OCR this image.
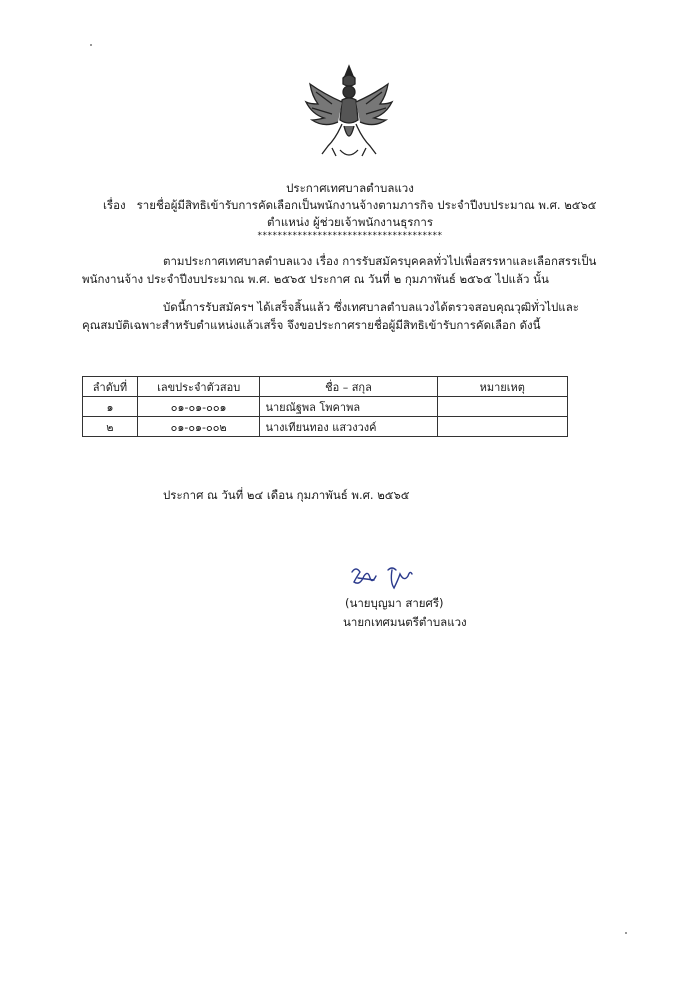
ประกาศเทศบาลตำบลแวง
เรื่อง รายชื่อผู้มีสิทธิเข้ารับการคัดเลือกเป็นพนักงานจ้างตามภารกิจ ประจำปีงบประมาณ พ.ศ. ๒๕๖๕
ตำแหน่ง ผู้ช่วยเจ้าพนักงานธุรการ
*************************************
ตามประกาศเทศบาลตำบลแวง เรื่อง การรับสมัครบุคคลทั่วไปเพื่อสรรหาและเลือกสรรเป็น
พนักงานจ้าง ประจำปีงบประมาณ พ.ศ. ๒๕๖๕ ประกาศ ณ วันที่ ๒ กุมภาพันธ์ ๒๕๖๕ ไปแล้ว นั้น
บัดนี้การรับสมัครฯ ได้เสร็จสิ้นแล้ว ซึ่งเทศบาลตำบลแวงได้ตรวจสอบคุณวุฒิทั่วไปและ
คุณสมบัติเฉพาะสำหรับตำแหน่งแล้วเสร็จ จึงขอประกาศรายชื่อผู้มีสิทธิเข้ารับการคัดเลือก ดังนี้
ลำดับที่	เลขประจำตัวสอบ	ชื่อ – สกุล	หมายเหตุ
๑	๐๑-๐๑-๐๐๑	นายณัฐพล โพคาพล	
๒	๐๑-๐๑-๐๐๒	นางเทียนทอง แสวงวงค์	
ประกาศ ณ วันที่ ๒๔ เดือน กุมภาพันธ์ พ.ศ. ๒๕๖๕
(นายบุญมา สายศรี)
นายกเทศมนตรีตำบลแวง
